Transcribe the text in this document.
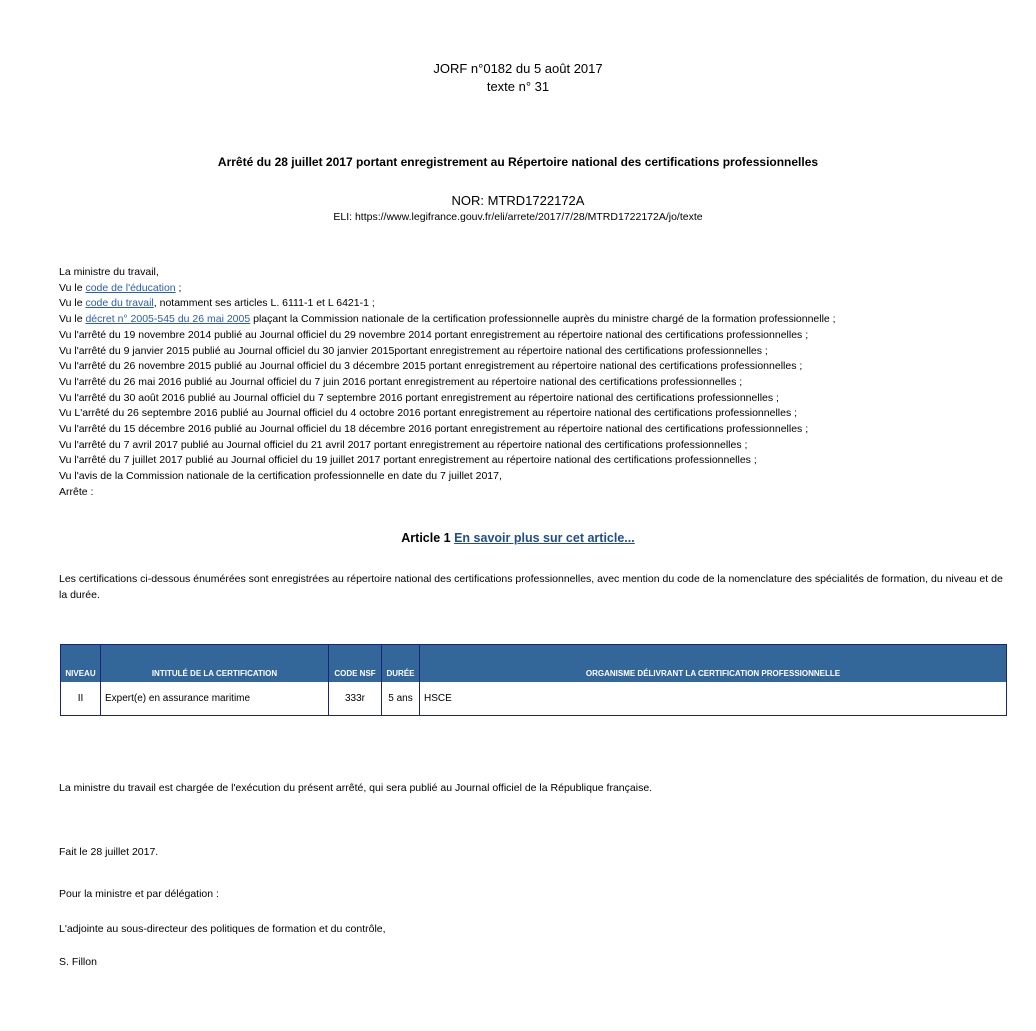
JORF n°0182 du 5 août 2017
texte n° 31
Arrêté du 28 juillet 2017 portant enregistrement au Répertoire national des certifications professionnelles
NOR: MTRD1722172A
ELI: https://www.legifrance.gouv.fr/eli/arrete/2017/7/28/MTRD1722172A/jo/texte
La ministre du travail,
Vu le code de l'éducation ;
Vu le code du travail, notamment ses articles L. 6111-1 et L 6421-1 ;
Vu le décret n° 2005-545 du 26 mai 2005 plaçant la Commission nationale de la certification professionnelle auprès du ministre chargé de la formation professionnelle ;
Vu l'arrêté du 19 novembre 2014 publié au Journal officiel du 29 novembre 2014 portant enregistrement au répertoire national des certifications professionnelles ;
Vu l'arrêté du 9 janvier 2015 publié au Journal officiel du 30 janvier 2015portant enregistrement au répertoire national des certifications professionnelles ;
Vu l'arrêté du 26 novembre 2015 publié au Journal officiel du 3 décembre 2015 portant enregistrement au répertoire national des certifications professionnelles ;
Vu l'arrêté du 26 mai 2016 publié au Journal officiel du 7 juin 2016 portant enregistrement au répertoire national des certifications professionnelles ;
Vu l'arrêté du 30 août 2016 publié au Journal officiel du 7 septembre 2016 portant enregistrement au répertoire national des certifications professionnelles ;
Vu L'arrêté du 26 septembre 2016 publié au Journal officiel du 4 octobre 2016 portant enregistrement au répertoire national des certifications professionnelles ;
Vu l'arrêté du 15 décembre 2016 publié au Journal officiel du 18 décembre 2016 portant enregistrement au répertoire national des certifications professionnelles ;
Vu l'arrêté du 7 avril 2017 publié au Journal officiel du 21 avril 2017 portant enregistrement au répertoire national des certifications professionnelles ;
Vu l'arrêté du 7 juillet 2017 publié au Journal officiel du 19 juillet 2017 portant enregistrement au répertoire national des certifications professionnelles ;
Vu l'avis de la Commission nationale de la certification professionnelle en date du 7 juillet 2017,
Arrête :
Article 1 En savoir plus sur cet article...
Les certifications ci-dessous énumérées sont enregistrées au répertoire national des certifications professionnelles, avec mention du code de la nomenclature des spécialités de formation, du niveau et de la durée.
NIVEAU	INTITULÉ DE LA CERTIFICATION	CODE NSF	DURÉE	ORGANISME DÉLIVRANT LA CERTIFICATION PROFESSIONNELLE
II	Expert(e) en assurance maritime	333r	5 ans	HSCE
La ministre du travail est chargée de l'exécution du présent arrêté, qui sera publié au Journal officiel de la République française.
Fait le 28 juillet 2017.
Pour la ministre et par délégation :
L'adjointe au sous-directeur des politiques de formation et du contrôle,
S. Fillon
